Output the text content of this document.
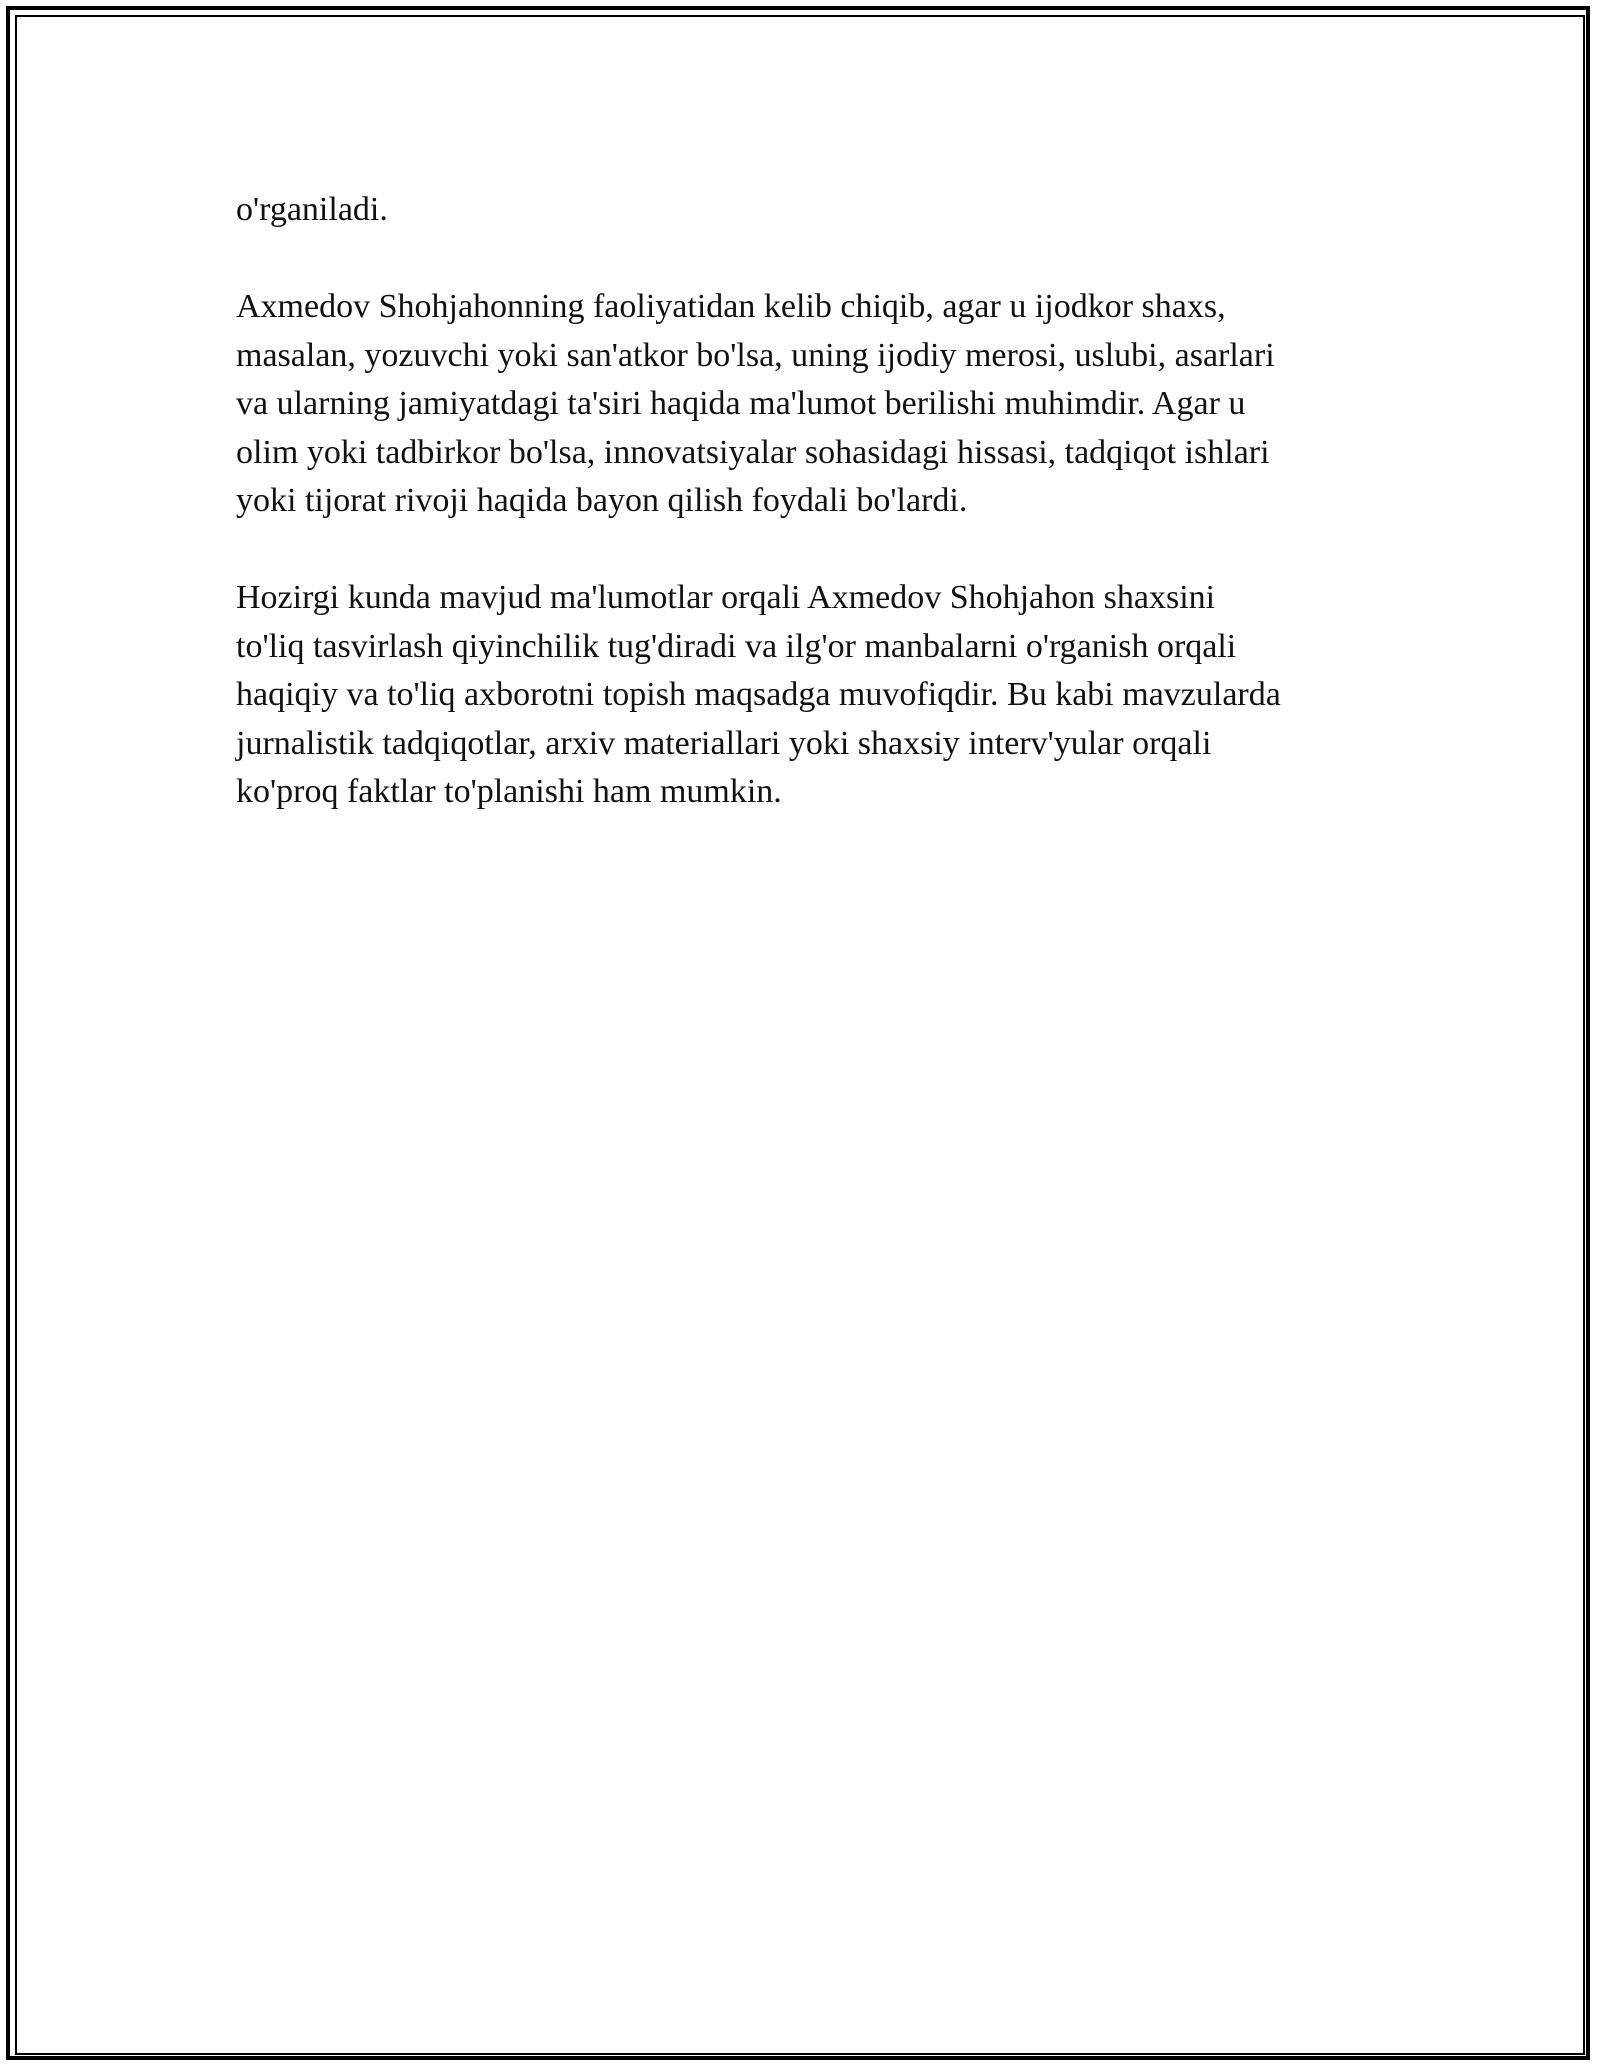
o'rganiladi.

Axmedov Shohjahonning faoliyatidan kelib chiqib, agar u ijodkor shaxs,
masalan, yozuvchi yoki san'atkor bo'lsa, uning ijodiy merosi, uslubi, asarlari
va ularning jamiyatdagi ta'siri haqida ma'lumot berilishi muhimdir. Agar u
olim yoki tadbirkor bo'lsa, innovatsiyalar sohasidagi hissasi, tadqiqot ishlari
yoki tijorat rivoji haqida bayon qilish foydali bo'lardi.

Hozirgi kunda mavjud ma'lumotlar orqali Axmedov Shohjahon shaxsini
to'liq tasvirlash qiyinchilik tug'diradi va ilg'or manbalarni o'rganish orqali
haqiqiy va to'liq axborotni topish maqsadga muvofiqdir. Bu kabi mavzularda
jurnalistik tadqiqotlar, arxiv materiallari yoki shaxsiy interv'yular orqali
ko'proq faktlar to'planishi ham mumkin.
